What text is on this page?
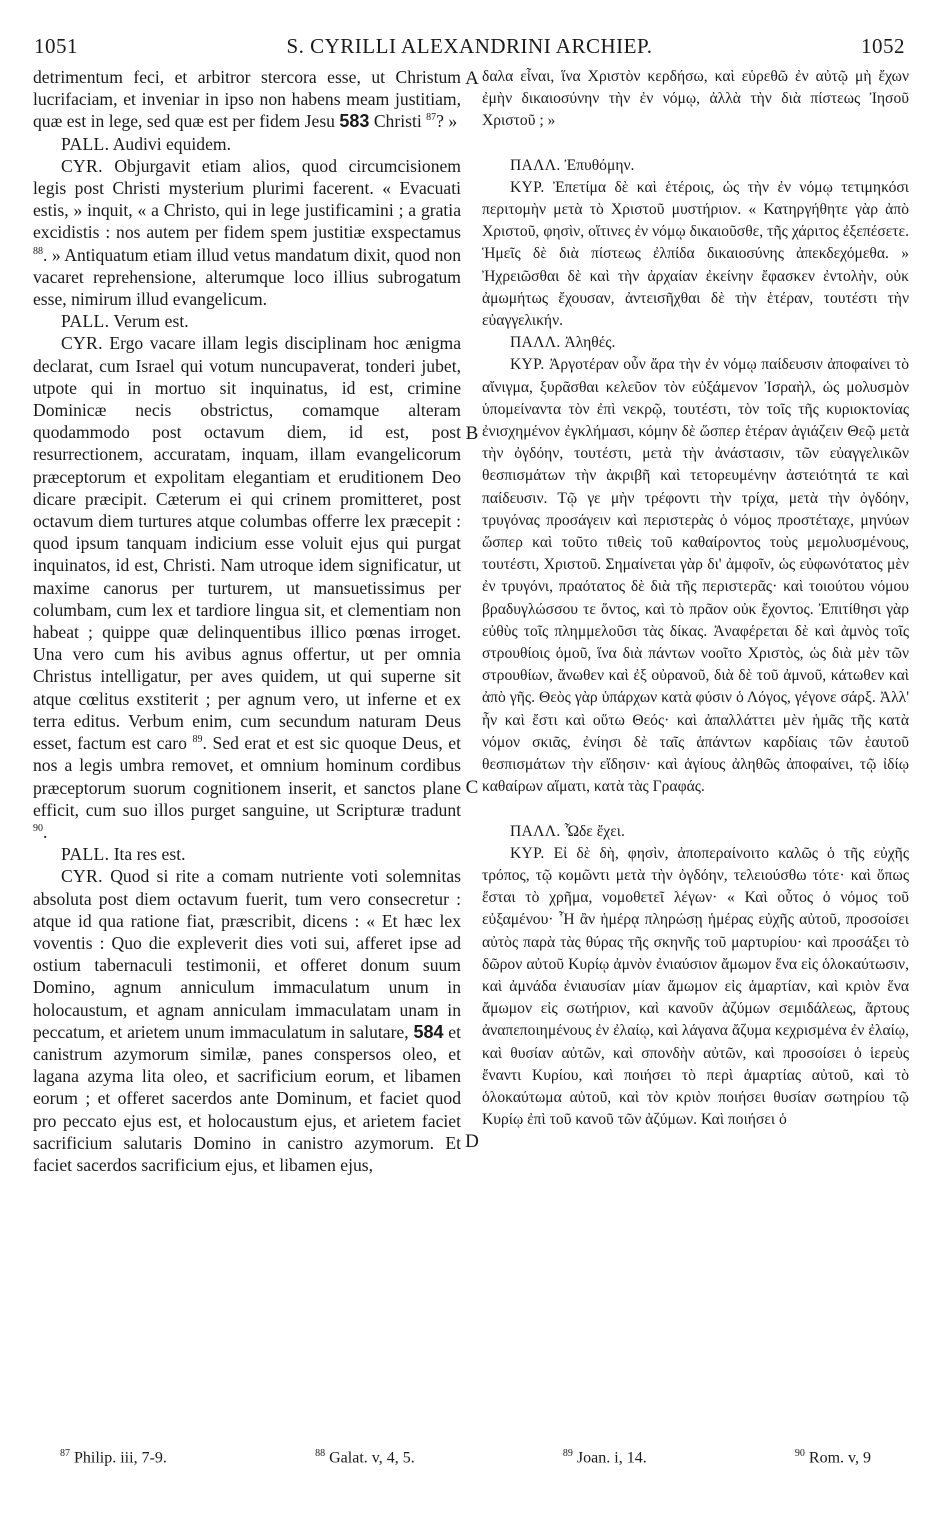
1051	S. CYRILLI ALEXANDRINI ARCHIEP.	1052

detrimentum feci, et arbitror stercora esse, ut Christum lucrifaciam, et inveniar in ipso non habens meam justitiam, quæ est in lege, sed quæ est per fidem Jesu 583 Christi $^{87}$? »

PALL. Audivi equidem.

CYR. Objurgavit etiam alios, quod circumcisionem legis post Christi mysterium plurimi facerent. « Evacuati estis, » inquit, « a Christo, qui in lege justificamini ; a gratia excidistis : nos autem per fidem spem justitiæ exspectamus $^{88}$. » Antiquatum etiam illud vetus mandatum dixit, quod non vacaret reprehensione, alterumque loco illius subrogatum esse, nimirum illud evangelicum.

PALL. Verum est.

CYR. Ergo vacare illam legis disciplinam hoc ænigma declarat, cum Israel qui votum nuncupaverat, tonderi jubet, utpote qui in mortuo sit inquinatus, id est, crimine Dominicæ necis obstrictus, comamque alteram quodammodo post octavum diem, id est, post resurrectionem, accuratam, inquam, illam evangelicorum præceptorum et expolitam elegantiam et eruditionem Deo dicare præcipit. Cæterum ei qui crinem promitteret, post octavum diem turtures atque columbas offerre lex præcepit : quod ipsum tanquam indicium esse voluit ejus qui purgat inquinatos, id est, Christi. Nam utroque idem significatur, ut maxime canorus per turturem, ut mansuetissimus per columbam, cum lex et tardiore lingua sit, et clementiam non habeat ; quippe quæ delinquentibus illico pœnas irroget. Una vero cum his avibus agnus offertur, ut per omnia Christus intelligatur, per aves quidem, ut qui superne sit atque cœlitus exstiterit ; per agnum vero, ut inferne et ex terra editus. Verbum enim, cum secundum naturam Deus esset, factum est caro $^{89}$. Sed erat et est sic quoque Deus, et nos a legis umbra removet, et omnium hominum cordibus præceptorum suorum cognitionem inserit, et sanctos plane efficit, cum suo illos purget sanguine, ut Scripturæ tradunt $^{90}$.

PALL. Ita res est.

CYR. Quod si rite a comam nutriente voti solemnitas absoluta post diem octavum fuerit, tum vero consecretur : atque id qua ratione fiat, præscribit, dicens : « Et hæc lex voventis : Quo die expleverit dies voti sui, afferet ipse ad ostium tabernaculi testimonii, et offeret donum suum Domino, agnum anniculum immaculatum unum in holocaustum, et agnam anniculam immaculatam unam in peccatum, et arietem unum immaculatum in salutare, 584 et canistrum azymorum similæ, panes conspersos oleo, et lagana azyma lita oleo, et sacrificium eorum, et libamen eorum ; et offeret sacerdos ante Dominum, et faciet quod pro peccato ejus est, et holocaustum ejus, et arietem faciet sacrificium salutaris Domino in canistro azymorum. Et faciet sacerdos sacrificium ejus, et libamen ejus,

A
B
C
D

δαλα εἶναι, ἵνα Χριστὸν κερδήσω, καὶ εὑρεθῶ ἐν αὐτῷ μὴ ἔχων ἐμὴν δικαιοσύνην τὴν ἐν νόμῳ, ἀλλὰ τὴν διὰ πίστεως Ἰησοῦ Χριστοῦ ; »

ΠΑΛΛ. Ἐπυθόμην.

ΚΥΡ. Ἐπετίμα δὲ καὶ ἑτέροις, ὡς τὴν ἐν νόμῳ τετιμηκόσι περιτομὴν μετὰ τὸ Χριστοῦ μυστήριον. « Κατηργήθητε γὰρ ἀπὸ Χριστοῦ, φησὶν, οἵτινες ἐν νόμῳ δικαιοῦσθε, τῆς χάριτος ἐξεπέσετε. Ἡμεῖς δὲ διὰ πίστεως ἐλπίδα δικαιοσύνης ἀπεκδεχόμεθα. » Ἠχρειῶσθαι δὲ καὶ τὴν ἀρχαίαν ἐκείνην ἔφασκεν ἐντολὴν, οὐκ ἀμωμήτως ἔχουσαν, ἀντεισῆχθαι δὲ τὴν ἑτέραν, τουτέστι τὴν εὐαγγελικήν.

ΠΑΛΛ. Ἀληθές.

ΚΥΡ. Ἀργοτέραν οὖν ἄρα τὴν ἐν νόμῳ παίδευσιν ἀποφαίνει τὸ αἴνιγμα, ξυρᾶσθαι κελεῦον τὸν εὐξάμενον Ἰσραὴλ, ὡς μολυσμὸν ὑπομείναντα τὸν ἐπὶ νεκρῷ, τουτέστι, τὸν τοῖς τῆς κυριοκτονίας ἐνισχημένον ἐγκλήμασι, κόμην δὲ ὥσπερ ἑτέραν ἁγιάζειν Θεῷ μετὰ τὴν ὀγδόην, τουτέστι, μετὰ τὴν ἀνάστασιν, τῶν εὐαγγελικῶν θεσπισμάτων τὴν ἀκριβῆ καὶ τετορευμένην ἀστειότητά τε καὶ παίδευσιν. Τῷ γε μὴν τρέφοντι τὴν τρίχα, μετὰ τὴν ὀγδόην, τρυγόνας προσάγειν καὶ περιστερὰς ὁ νόμος προστέταχε, μηνύων ὥσπερ καὶ τοῦτο τιθεὶς τοῦ καθαίροντος τοὺς μεμολυσμένους, τουτέστι, Χριστοῦ. Σημαίνεται γὰρ δι' ἀμφοῖν, ὡς εὐφωνότατος μὲν ἐν τρυγόνι, πραότατος δὲ διὰ τῆς περιστερᾶς· καὶ τοιούτου νόμου βραδυγλώσσου τε ὄντος, καὶ τὸ πρᾶον οὐκ ἔχοντος. Ἐπιτίθησι γὰρ εὐθὺς τοῖς πλημμελοῦσι τὰς δίκας. Ἀναφέρεται δὲ καὶ ἀμνὸς τοῖς στρουθίοις ὁμοῦ, ἵνα διὰ πάντων νοοῖτο Χριστὸς, ὡς διὰ μὲν τῶν στρουθίων, ἄνωθεν καὶ ἐξ οὐρανοῦ, διὰ δὲ τοῦ ἀμνοῦ, κάτωθεν καὶ ἀπὸ γῆς. Θεὸς γὰρ ὑπάρχων κατὰ φύσιν ὁ Λόγος, γέγονε σάρξ. Ἀλλ' ἦν καὶ ἔστι καὶ οὕτω Θεός· καὶ ἀπαλλάττει μὲν ἡμᾶς τῆς κατὰ νόμον σκιᾶς, ἐνίησι δὲ ταῖς ἁπάντων καρδίαις τῶν ἑαυτοῦ θεσπισμάτων τὴν εἴδησιν· καὶ ἁγίους ἀληθῶς ἀποφαίνει, τῷ ἰδίῳ καθαίρων αἵματι, κατὰ τὰς Γραφάς.

ΠΑΛΛ. Ὧδε ἔχει.

ΚΥΡ. Εἰ δὲ δὴ, φησὶν, ἀποπεραίνοιτο καλῶς ὁ τῆς εὐχῆς τρόπος, τῷ κομῶντι μετὰ τὴν ὀγδόην, τελειούσθω τότε· καὶ ὅπως ἔσται τὸ χρῆμα, νομοθετεῖ λέγων· « Καὶ οὗτος ὁ νόμος τοῦ εὐξαμένου· Ἧ ἂν ἡμέρᾳ πληρώσῃ ἡμέρας εὐχῆς αὐτοῦ, προσοίσει αὐτὸς παρὰ τὰς θύρας τῆς σκηνῆς τοῦ μαρτυρίου· καὶ προσάξει τὸ δῶρον αὐτοῦ Κυρίῳ ἀμνὸν ἐνιαύσιον ἄμωμον ἕνα εἰς ὁλοκαύτωσιν, καὶ ἀμνάδα ἐνιαυσίαν μίαν ἄμωμον εἰς ἁμαρτίαν, καὶ κριὸν ἕνα ἄμωμον εἰς σωτήριον, καὶ κανοῦν ἀζύμων σεμιδάλεως, ἄρτους ἀναπεποιημένους ἐν ἐλαίῳ, καὶ λάγανα ἄζυμα κεχρισμένα ἐν ἐλαίῳ, καὶ θυσίαν αὐτῶν, καὶ σπονδὴν αὐτῶν, καὶ προσοίσει ὁ ἱερεὺς ἔναντι Κυρίου, καὶ ποιήσει τὸ περὶ ἁμαρτίας αὐτοῦ, καὶ τὸ ὁλοκαύτωμα αὐτοῦ, καὶ τὸν κριὸν ποιήσει θυσίαν σωτηρίου τῷ Κυρίῳ ἐπὶ τοῦ κανοῦ τῶν ἀζύμων. Καὶ ποιήσει ὁ

$^{87}$ Philip. iii, 7-9.	$^{88}$ Galat. v, 4, 5.	$^{89}$ Joan. i, 14.	$^{90}$ Rom. v, 9
